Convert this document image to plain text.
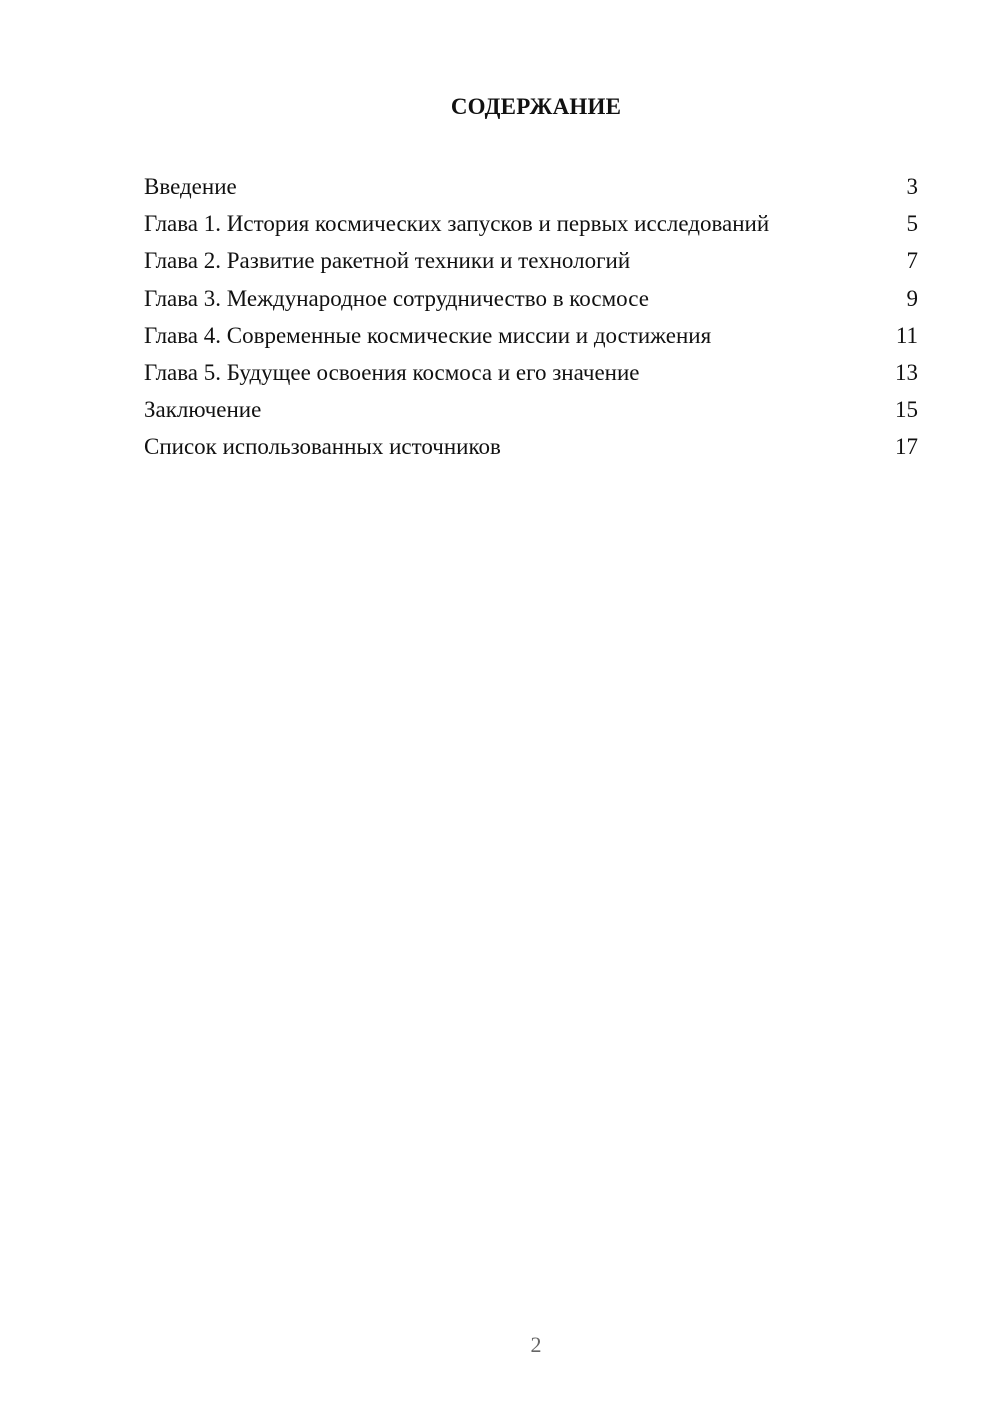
СОДЕРЖАНИЕ
Введение	3
Глава 1. История космических запусков и первых исследований	5
Глава 2. Развитие ракетной техники и технологий	7
Глава 3. Международное сотрудничество в космосе	9
Глава 4. Современные космические миссии и достижения	11
Глава 5. Будущее освоения космоса и его значение	13
Заключение	15
Список использованных источников	17
2
